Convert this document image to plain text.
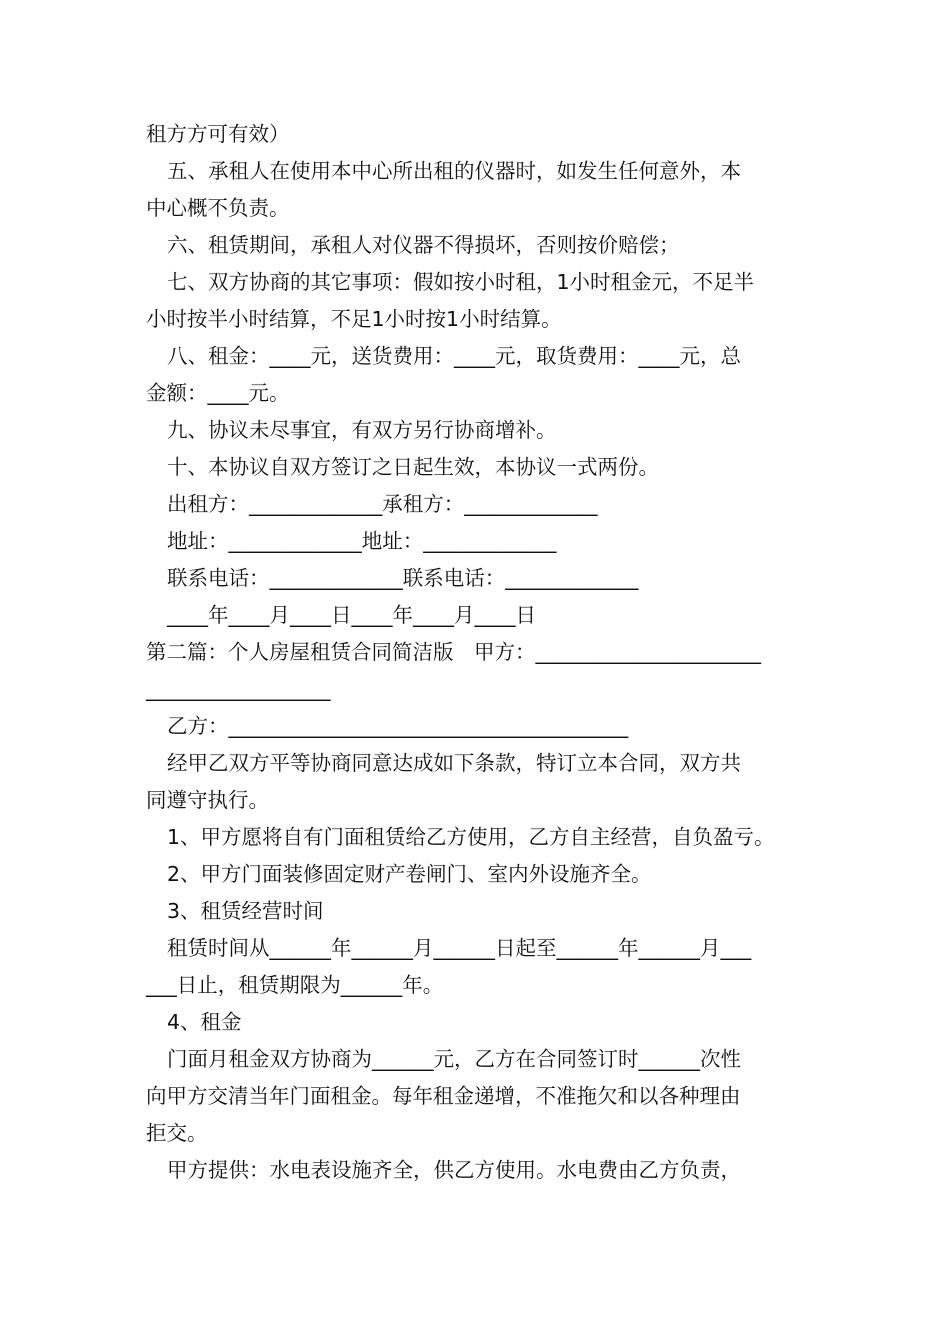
租方方可有效）
五、承租人在使用本中心所出租的仪器时，如发生任何意外，本
中心概不负责。
六、租赁期间，承租人对仪器不得损坏，否则按价赔偿；
七、双方协商的其它事项：假如按小时租，1小时租金元，不足半
小时按半小时结算，不足1小时按1小时结算。
八、租金：____元，送货费用：____元，取货费用：____元，总
金额：____元。
九、协议未尽事宜，有双方另行协商增补。
十、本协议自双方签订之日起生效，本协议一式两份。
出租方：_____________承租方：_____________
地址：_____________地址：_____________
联系电话：_____________联系电话：_____________
____年____月____日____年____月____日
第二篇：个人房屋租赁合同简洁版　甲方：______________________
__________________
乙方：_______________________________________
经甲乙双方平等协商同意达成如下条款，特订立本合同，双方共
同遵守执行。
1、甲方愿将自有门面租赁给乙方使用，乙方自主经营，自负盈亏。
2、甲方门面装修固定财产卷闸门、室内外设施齐全。
3、租赁经营时间
租赁时间从______年______月______日起至______年______月___
___日止，租赁期限为______年。
4、租金
门面月租金双方协商为______元，乙方在合同签订时______次性
向甲方交清当年门面租金。每年租金递增，不准拖欠和以各种理由
拒交。
甲方提供：水电表设施齐全，供乙方使用。水电费由乙方负责，
